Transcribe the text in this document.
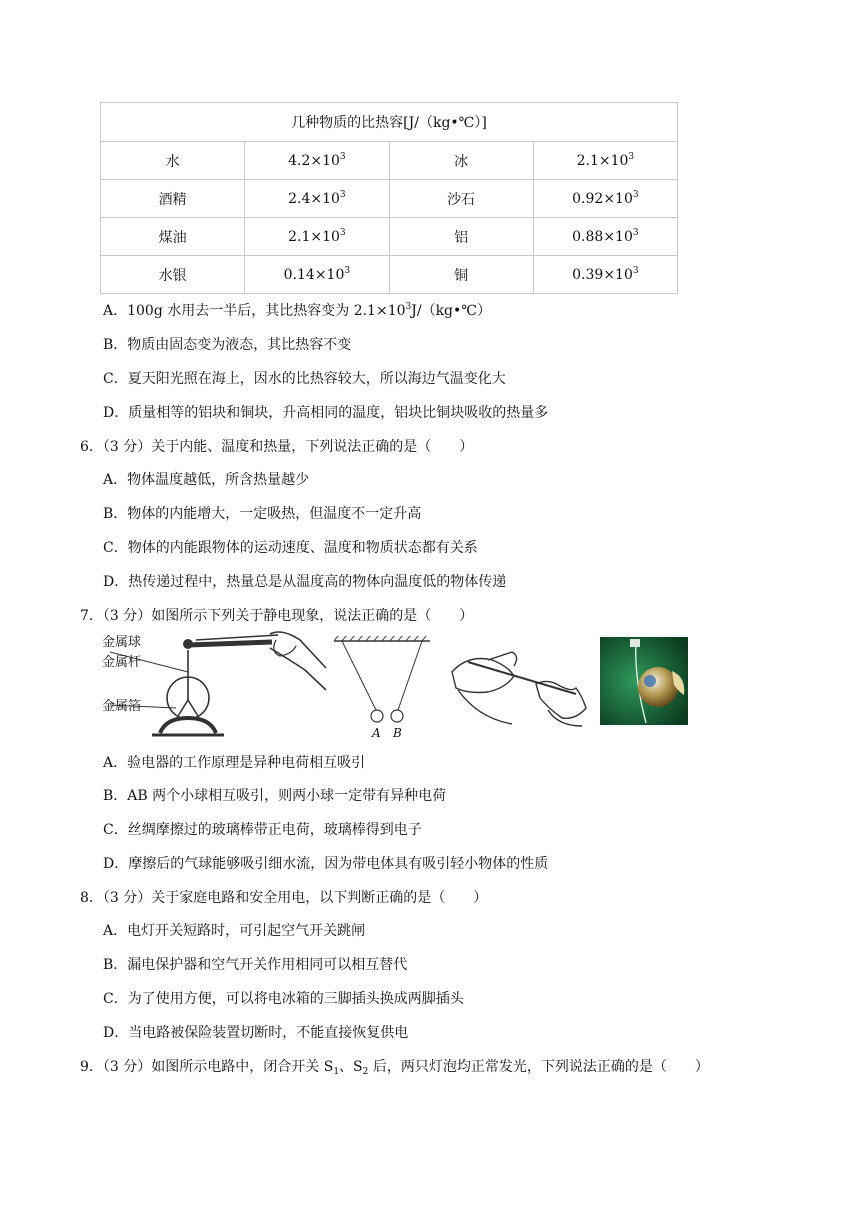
几种物质的比热容[J/（kg•℃）]			
水	$4.2\times 10^3$	冰	$2.1\times 10^3$
酒精	$2.4\times 10^3$	沙石	$0.92\times 10^3$
煤油	$2.1\times 10^3$	铝	$0.88\times 10^3$
水银	$0.14\times 10^3$	铜	$0.39\times 10^3$
A．100g 水用去一半后，其比热容变为 $2.1\times 10^3J/(kg•℃)$
B．物质由固态变为液态，其比热容不变
C．夏天阳光照在海上，因水的比热容较大，所以海边气温变化大
D．质量相等的铝块和铜块，升高相同的温度，铝块比铜块吸收的热量多
6．（3 分）关于内能、温度和热量，下列说法正确的是（　　）
A．物体温度越低，所含热量越少
B．物体的内能增大，一定吸热，但温度不一定升高
C．物体的内能跟物体的运动速度、温度和物质状态都有关系
D．热传递过程中，热量总是从温度高的物体向温度低的物体传递
7．（3 分）如图所示下列关于静电现象，说法正确的是（　　）
金属球
金属杆
金属箔
A B
A．验电器的工作原理是异种电荷相互吸引
B．AB 两个小球相互吸引，则两小球一定带有异种电荷
C．丝绸摩擦过的玻璃棒带正电荷，玻璃棒得到电子
D．摩擦后的气球能够吸引细水流，因为带电体具有吸引轻小物体的性质
8．（3 分）关于家庭电路和安全用电，以下判断正确的是（　　）
A．电灯开关短路时，可引起空气开关跳闸
B．漏电保护器和空气开关作用相同可以相互替代
C．为了使用方便，可以将电冰箱的三脚插头换成两脚插头
D．当电路被保险装置切断时，不能直接恢复供电
9．（3 分）如图所示电路中，闭合开关 $S_1$、$S_2$ 后，两只灯泡均正常发光，下列说法正确的是（　　）
